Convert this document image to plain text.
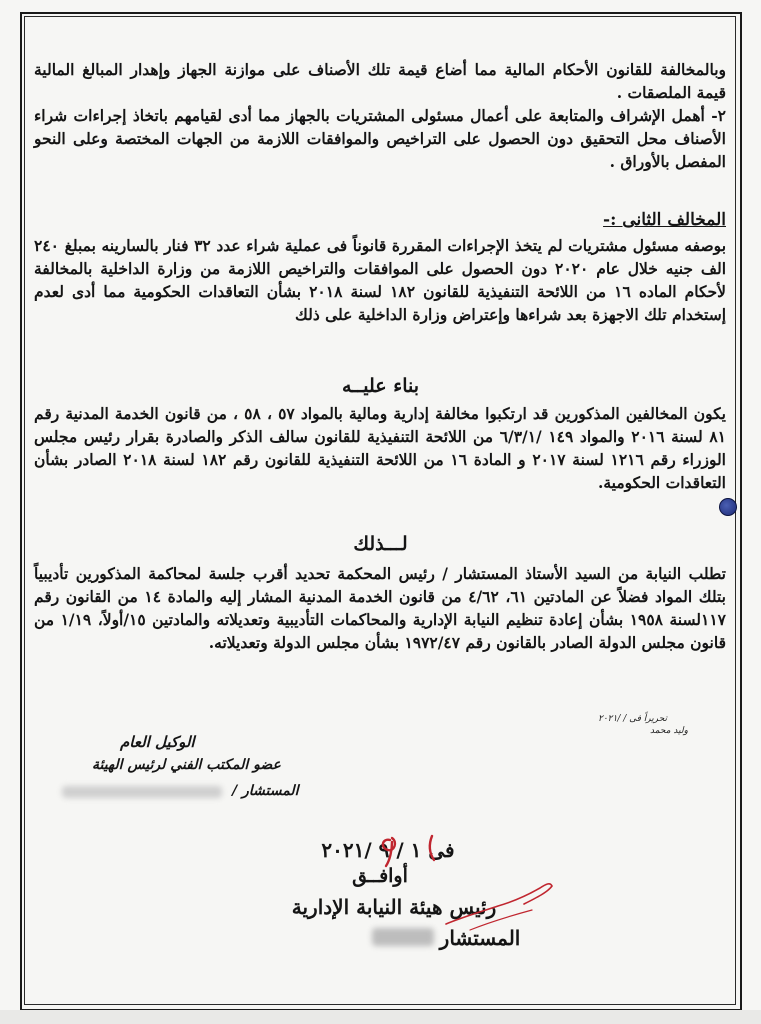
وبالمخالفة للقانون الأحكام المالية مما أضاع قيمة تلك الأصناف على موازنة الجهاز وإهدار المبالغ المالية قيمة الملصقات .
٢- أهمل الإشراف والمتابعة على أعمال مسئولى المشتريات بالجهاز مما أدى لقيامهم باتخاذ إجراءات شراء الأصناف محل التحقيق دون الحصول على التراخيص والموافقات اللازمة من الجهات المختصة وعلى النحو المفصل بالأوراق .
المخالف الثانى :-
بوصفه مسئول مشتريات لم يتخذ الإجراءات المقررة قانوناً فى عملية شراء عدد ٣٢ فنار بالسارينه بمبلغ ٢٤٠ الف جنيه خلال عام ٢٠٢٠ دون الحصول على الموافقات والتراخيص اللازمة من وزارة الداخلية بالمخالفة لأحكام الماده ١٦ من اللائحة التنفيذية للقانون ١٨٢ لسنة ٢٠١٨ بشأن التعاقدات الحكومية مما أدى لعدم إستخدام تلك الاجهزة بعد شراءها وإعتراض وزارة الداخلية على ذلك
بناء عليــه
يكون المخالفين المذكورين قد ارتكبوا مخالفة إدارية ومالية بالمواد ٥٧ ، ٥٨ ، من قانون الخدمة المدنية رقم ٨١ لسنة ٢٠١٦ والمواد ١٤٩ /٦/٣/١ من اللائحة التنفيذية للقانون سالف الذكر والصادرة بقرار رئيس مجلس الوزراء رقم ١٢١٦ لسنة ٢٠١٧ و المادة ١٦ من اللائحة التنفيذية للقانون رقم ١٨٢ لسنة ٢٠١٨ الصادر بشأن التعاقدات الحكومية.
لـــذلك
تطلب النيابة من السيد الأستاذ المستشار / رئيس المحكمة تحديد أقرب جلسة لمحاكمة المذكورين تأديبياً بتلك المواد فضلاً عن المادتين ٦١، ٤/٦٢ من قانون الخدمة المدنية المشار إليه والمادة ١٤ من القانون رقم ١١٧لسنة ١٩٥٨ بشأن إعادة تنظيم النيابة الإدارية والمحاكمات التأديبية وتعديلاته والمادتين ١٥/أولاً، ١/١٩ من قانون مجلس الدولة الصادر بالقانون رقم ١٩٧٢/٤٧ بشأن مجلس الدولة وتعديلاته.
تحريراً فى / /٢٠٢١
وليد محمد
الوكيل العام
عضو المكتب الفني لرئيس الهيئة
المستشار /
فى ١ / ٩ /٢٠٢١
أوافــق
رئيس هيئة النيابة الإدارية
المستشار
